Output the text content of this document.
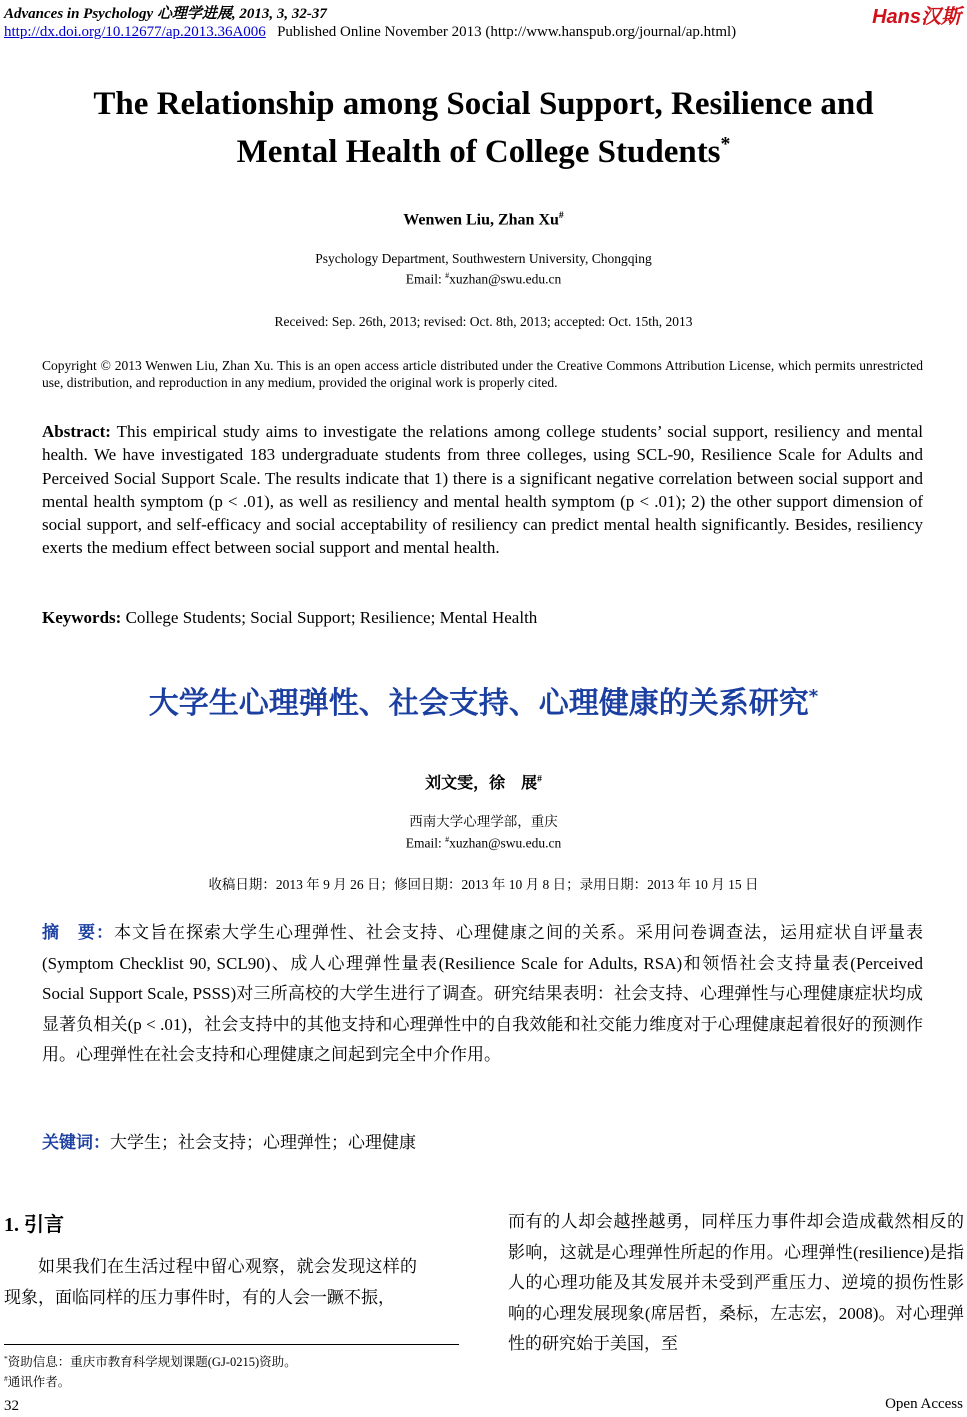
Advances in Psychology 心理学进展, 2013, 3, 32-37
http://dx.doi.org/10.12677/ap.2013.36A006 Published Online November 2013 (http://www.hanspub.org/journal/ap.html)
Hans汉斯
The Relationship among Social Support, Resilience and
Mental Health of College Students*
Wenwen Liu, Zhan Xu#
Psychology Department, Southwestern University, Chongqing
Email: #xuzhan@swu.edu.cn
Received: Sep. 26th, 2013; revised: Oct. 8th, 2013; accepted: Oct. 15th, 2013
Copyright © 2013 Wenwen Liu, Zhan Xu. This is an open access article distributed under the Creative Commons Attribution License, which permits unrestricted use, distribution, and reproduction in any medium, provided the original work is properly cited.
Abstract: This empirical study aims to investigate the relations among college students’ social support, resiliency and mental health. We have investigated 183 undergraduate students from three colleges, using SCL-90, Resilience Scale for Adults and Perceived Social Support Scale. The results indicate that 1) there is a significant negative correlation between social support and mental health symptom (p < .01), as well as resiliency and mental health symptom (p < .01); 2) the other support dimension of social support, and self-efficacy and social acceptability of resiliency can predict mental health significantly. Besides, resiliency exerts the medium effect between social support and mental health.
Keywords: College Students; Social Support; Resilience; Mental Health
大学生心理弹性、社会支持、心理健康的关系研究*
刘文雯，徐　展#
西南大学心理学部，重庆
Email: #xuzhan@swu.edu.cn
收稿日期：2013 年 9 月 26 日；修回日期：2013 年 10 月 8 日；录用日期：2013 年 10 月 15 日
摘　要：本文旨在探索大学生心理弹性、社会支持、心理健康之间的关系。采用问卷调查法，运用症状自评量表(Symptom Checklist 90, SCL90)、成人心理弹性量表(Resilience Scale for Adults, RSA)和领悟社会支持量表(Perceived Social Support Scale, PSSS)对三所高校的大学生进行了调查。研究结果表明：社会支持、心理弹性与心理健康症状均成显著负相关(p < .01)，社会支持中的其他支持和心理弹性中的自我效能和社交能力维度对于心理健康起着很好的预测作用。心理弹性在社会支持和心理健康之间起到完全中介作用。
关键词：大学生；社会支持；心理弹性；心理健康
1. 引言
如果我们在生活过程中留心观察，就会发现这样的现象，面临同样的压力事件时，有的人会一蹶不振，
*资助信息：重庆市教育科学规划课题(GJ-0215)资助。
#通讯作者。
而有的人却会越挫越勇，同样压力事件却会造成截然相反的影响，这就是心理弹性所起的作用。心理弹性(resilience)是指人的心理功能及其发展并未受到严重压力、逆境的损伤性影响的心理发展现象(席居哲，桑标，左志宏，2008)。对心理弹性的研究始于美国，至
32	Open Access
